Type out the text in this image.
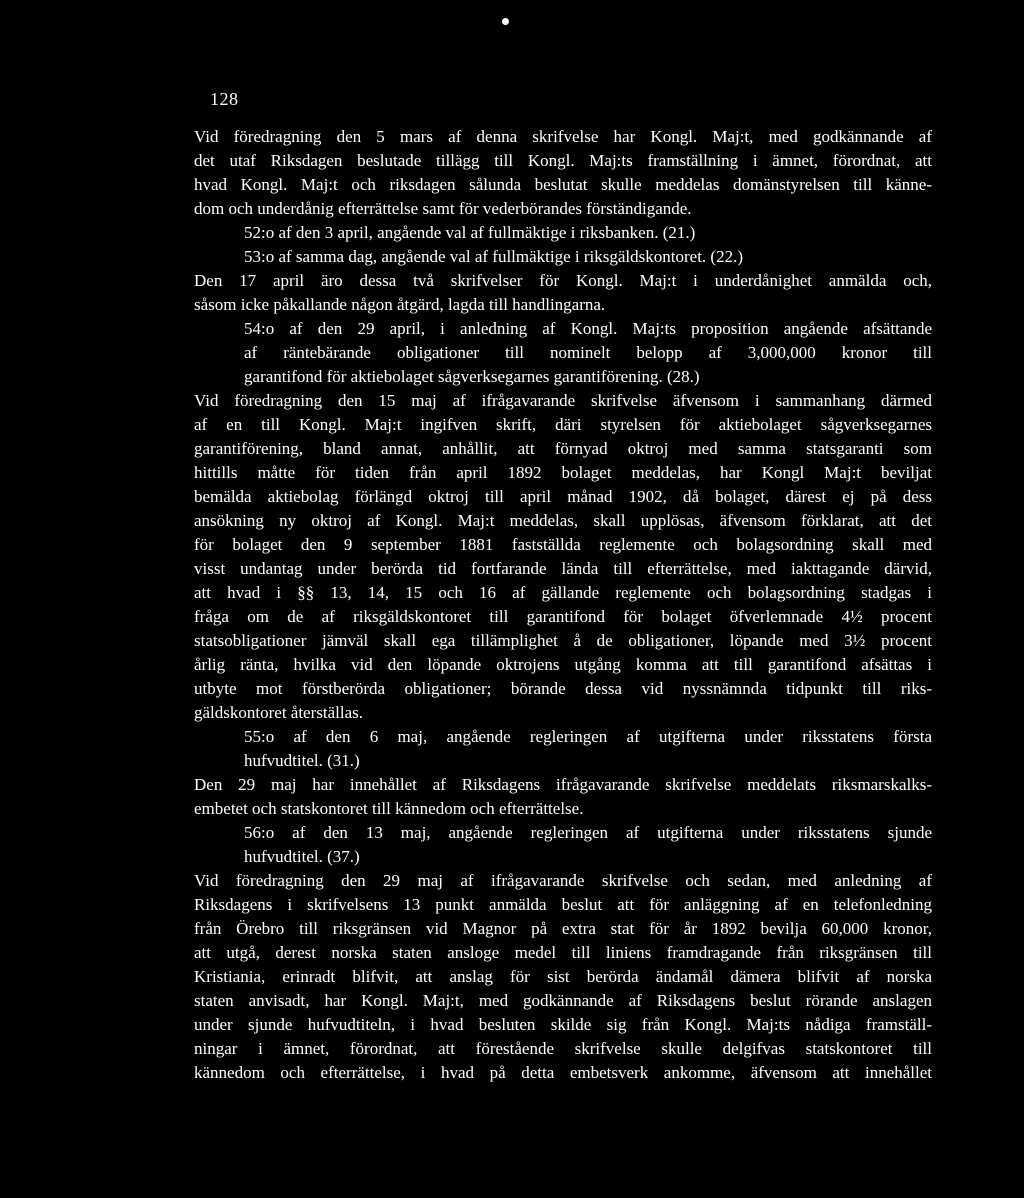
128
Vid föredragning den 5 mars af denna skrifvelse har Kongl. Maj:t, med godkännande af
det utaf Riksdagen beslutade tillägg till Kongl. Maj:ts framställning i ämnet, förordnat, att
hvad Kongl. Maj:t och riksdagen sålunda beslutat skulle meddelas domänstyrelsen till känne-
dom och underdånig efterrättelse samt för vederbörandes förständigande.
52:o af den 3 april, angående val af fullmäktige i riksbanken. (21.)
53:o af samma dag, angående val af fullmäktige i riksgäldskontoret. (22.)
Den 17 april äro dessa två skrifvelser för Kongl. Maj:t i underdånighet anmälda och,
såsom icke påkallande någon åtgärd, lagda till handlingarna.
54:o af den 29 april, i anledning af Kongl. Maj:ts proposition angående afsättande
af räntebärande obligationer till nominelt belopp af 3,000,000 kronor till
garantifond för aktiebolaget sågverksegarnes garantiförening. (28.)
Vid föredragning den 15 maj af ifrågavarande skrifvelse äfvensom i sammanhang därmed
af en till Kongl. Maj:t ingifven skrift, däri styrelsen för aktiebolaget sågverksegarnes
garantiförening, bland annat, anhållit, att förnyad oktroj med samma statsgaranti som
hittills måtte för tiden från april 1892 bolaget meddelas, har Kongl Maj:t beviljat
bemälda aktiebolag förlängd oktroj till april månad 1902, då bolaget, därest ej på dess
ansökning ny oktroj af Kongl. Maj:t meddelas, skall upplösas, äfvensom förklarat, att det
för bolaget den 9 september 1881 fastställda reglemente och bolagsordning skall med
visst undantag under berörda tid fortfarande lända till efterrättelse, med iakttagande därvid,
att hvad i §§ 13, 14, 15 och 16 af gällande reglemente och bolagsordning stadgas i
fråga om de af riksgäldskontoret till garantifond för bolaget öfverlemnade 4½ procent
statsobligationer jämväl skall ega tillämplighet å de obligationer, löpande med 3½ procent
årlig ränta, hvilka vid den löpande oktrojens utgång komma att till garantifond afsättas i
utbyte mot förstberörda obligationer; börande dessa vid nyssnämnda tidpunkt till riks-
gäldskontoret återställas.
55:o af den 6 maj, angående regleringen af utgifterna under riksstatens första
hufvudtitel. (31.)
Den 29 maj har innehållet af Riksdagens ifrågavarande skrifvelse meddelats riksmarskalks-
embetet och statskontoret till kännedom och efterrättelse.
56:o af den 13 maj, angående regleringen af utgifterna under riksstatens sjunde
hufvudtitel. (37.)
Vid föredragning den 29 maj af ifrågavarande skrifvelse och sedan, med anledning af
Riksdagens i skrifvelsens 13 punkt anmälda beslut att för anläggning af en telefonledning
från Örebro till riksgränsen vid Magnor på extra stat för år 1892 bevilja 60,000 kronor,
att utgå, derest norska staten ansloge medel till liniens framdragande från riksgränsen till
Kristiania, erinradt blifvit, att anslag för sist berörda ändamål dämera blifvit af norska
staten anvisadt, har Kongl. Maj:t, med godkännande af Riksdagens beslut rörande anslagen
under sjunde hufvudtiteln, i hvad besluten skilde sig från Kongl. Maj:ts nådiga framställ-
ningar i ämnet, förordnat, att förestående skrifvelse skulle delgifvas statskontoret till
kännedom och efterrättelse, i hvad på detta embetsverk ankomme, äfvensom att innehållet
